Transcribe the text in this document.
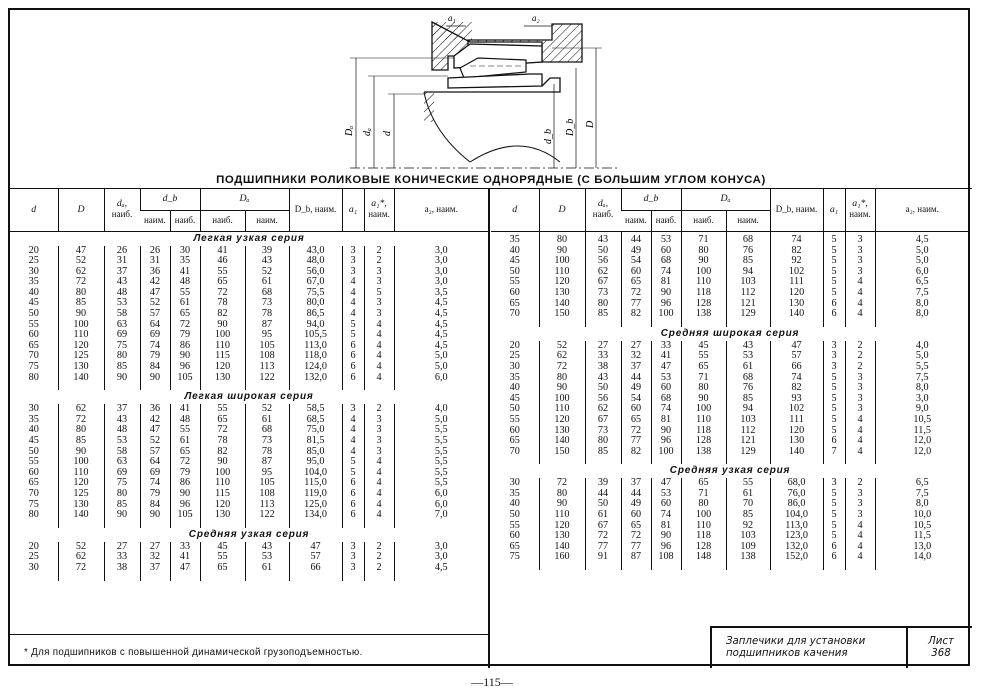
a₁	a₂
Dₐ dₐ d	d_b
D_b D
ПОДШИПНИКИ РОЛИКОВЫЕ КОНИЧЕСКИЕ ОДНОРЯДНЫЕ (С БОЛЬШИМ УГЛОМ КОНУСА)
d	D	dₐ,
наиб.	d_b		Dₐ		D_b, наим.	a₁	a₁*,
наим.	a₂, наим.
			наим.	наиб.	наиб.	наим.				
Легкая узкая серия										
20	47	26	26	30	41	39	43,0	3	2	3,0
25	52	31	31	35	46	43	48,0	3	2	3,0
30	62	37	36	41	55	52	56,0	3	3	3,0
35	72	43	42	48	65	61	67,0	4	3	3,0
40	80	48	47	55	72	68	75,5	4	5	3,5
45	85	53	52	61	78	73	80,0	4	3	4,5
50	90	58	57	65	82	78	86,5	4	3	4,5
55	100	63	64	72	90	87	94,0	5	4	4,5
60	110	69	69	79	100	95	105,5	5	4	4,5
65	120	75	74	86	110	105	113,0	6	4	4,5
70	125	80	79	90	115	108	118,0	6	4	5,0
75	130	85	84	96	120	113	124,0	6	4	5,0
80	140	90	90	105	130	122	132,0	6	4	6,0

Легкая широкая серия										
30	62	37	36	41	55	52	58,5	3	2	4,0
35	72	43	42	48	65	61	68,5	4	3	5,0
40	80	48	47	55	72	68	75,0	4	3	5,5
45	85	53	52	61	78	73	81,5	4	3	5,5
50	90	58	57	65	82	78	85,0	4	3	5,5
55	100	63	64	72	90	87	95,0	5	4	5,5
60	110	69	69	79	100	95	104,0	5	4	5,5
65	120	75	74	86	110	105	115,0	6	4	5,5
70	125	80	79	90	115	108	119,0	6	4	6,0
75	130	85	84	96	120	113	125,0	6	4	6,0
80	140	90	90	105	130	122	134,0	6	4	7,0

Средняя узкая серия										
20	52	27	27	33	45	43	47	3	2	3,0
25	62	33	32	41	55	53	57	3	2	3,0
30	72	38	37	47	65	61	66	3	2	4,5

d	D	dₐ,
наиб.	d_b		Dₐ		D_b, наим.	a₁	a₁*,
наим.	a₂, наим.
			наим.	наиб.	наиб.	наим.				

35	80	43	44	53	71	68	74	5	3	4,5
40	90	50	49	60	80	76	82	5	3	5,0
45	100	56	54	68	90	85	92	5	3	5,0
50	110	62	60	74	100	94	102	5	3	6,0
55	120	67	65	81	110	103	111	5	4	6,5
60	130	73	72	90	118	112	120	5	4	7,5
65	140	80	77	96	128	121	130	6	4	8,0
70	150	85	82	100	138	129	140	6	4	8,0

Средняя широкая серия										
20	52	27	27	33	45	43	47	3	2	4,0
25	62	33	32	41	55	53	57	3	2	5,0
30	72	38	37	47	65	61	66	3	2	5,5
35	80	43	44	53	71	68	74	5	3	7,5
40	90	50	49	60	80	76	82	5	3	8,0
45	100	56	54	68	90	85	93	5	3	3,0
50	110	62	60	74	100	94	102	5	3	9,0
55	120	67	65	81	110	103	111	5	4	10,5
60	130	73	72	90	118	112	120	5	4	11,5
65	140	80	77	96	128	121	130	6	4	12,0
70	150	85	82	100	138	129	140	7	4	12,0

Средняя узкая серия										
30	72	39	37	47	65	55	68,0	3	2	6,5
35	80	44	44	53	71	61	76,0	5	3	7,5
40	90	50	49	60	80	70	86,0	5	3	8,0
50	110	61	60	74	100	85	104,0	5	3	10,0
55	120	67	65	81	110	92	113,0	5	4	10,5
60	130	72	72	90	118	103	123,0	5	4	11,5
65	140	77	77	96	128	109	132,0	6	4	13,0
75	160	91	87	108	148	138	152,0	6	4	14,0

* Для подшипников с повышенной динамической грузоподъемностью.
Заплечики для установки подшипников качения
Лист
368
—115—
